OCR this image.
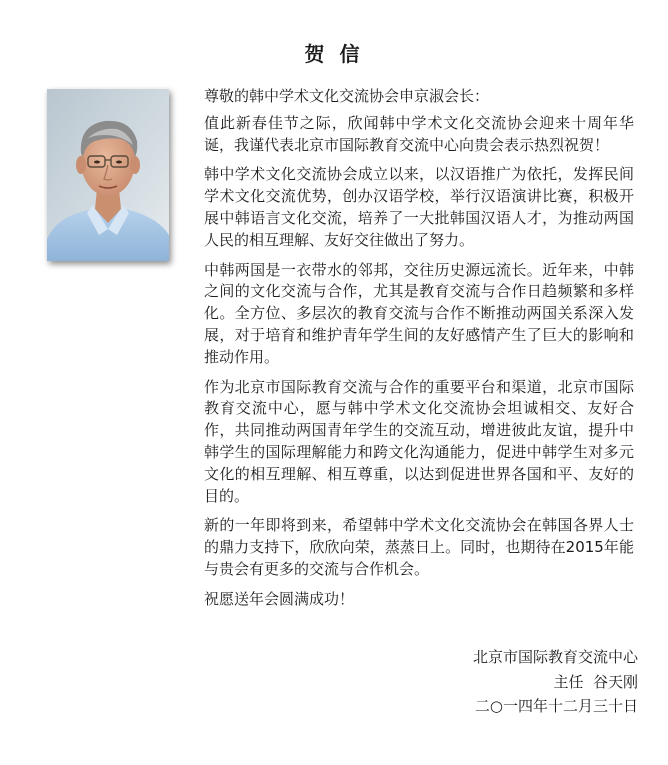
贺 信

尊敬的韩中学术文化交流协会申京淑会长：

值此新春佳节之际，欣闻韩中学术文化交流协会迎来十周年华诞，我谨代表北京市国际教育交流中心向贵会表示热烈祝贺！

韩中学术文化交流协会成立以来，以汉语推广为依托，发挥民间学术文化交流优势，创办汉语学校，举行汉语演讲比赛，积极开展中韩语言文化交流，培养了一大批韩国汉语人才，为推动两国人民的相互理解、友好交往做出了努力。

中韩两国是一衣带水的邻邦，交往历史源远流长。近年来，中韩之间的文化交流与合作，尤其是教育交流与合作日趋频繁和多样化。全方位、多层次的教育交流与合作不断推动两国关系深入发展，对于培育和维护青年学生间的友好感情产生了巨大的影响和推动作用。

作为北京市国际教育交流与合作的重要平台和渠道，北京市国际教育交流中心，愿与韩中学术文化交流协会坦诚相交、友好合作，共同推动两国青年学生的交流互动，增进彼此友谊，提升中韩学生的国际理解能力和跨文化沟通能力，促进中韩学生对多元文化的相互理解、相互尊重，以达到促进世界各国和平、友好的目的。

新的一年即将到来，希望韩中学术文化交流协会在韩国各界人士的鼎力支持下，欣欣向荣，蒸蒸日上。同时，也期待在2015年能与贵会有更多的交流与合作机会。

祝愿送年会圆满成功！

北京市国际教育交流中心
主任  谷天刚
二○一四年十二月三十日
